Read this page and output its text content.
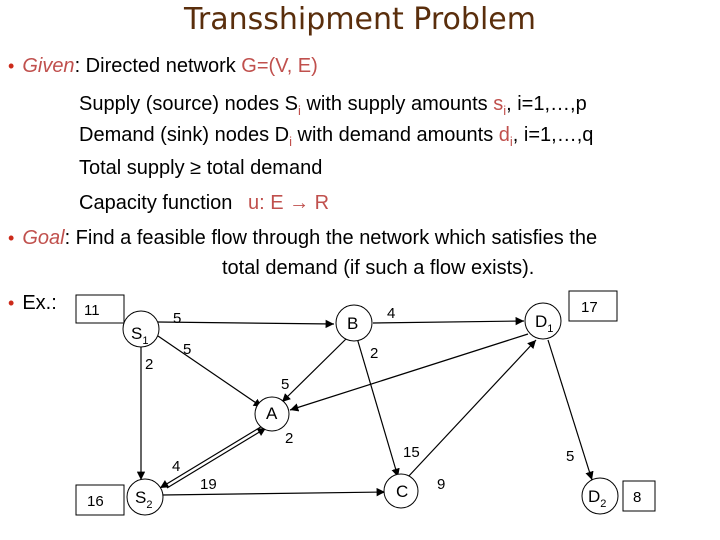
Transshipment Problem
• Given: Directed network G=(V, E)
Supply (source) nodes $S_i$ with supply amounts $s_i$, i=1,…,p
Demand (sink) nodes $D_i$ with demand amounts $d_i$, i=1,…,q
Total supply ≥ total demand
Capacity function u: E → R
• Goal: Find a feasible flow through the network which satisfies the
total demand (if such a flow exists).
• Ex.:
$S_1$
$S_2$
B
A
C
$D_1$
$D_2$
11
16
17
8
5
5
2
4
2
5
2
4
19
15
9
5
